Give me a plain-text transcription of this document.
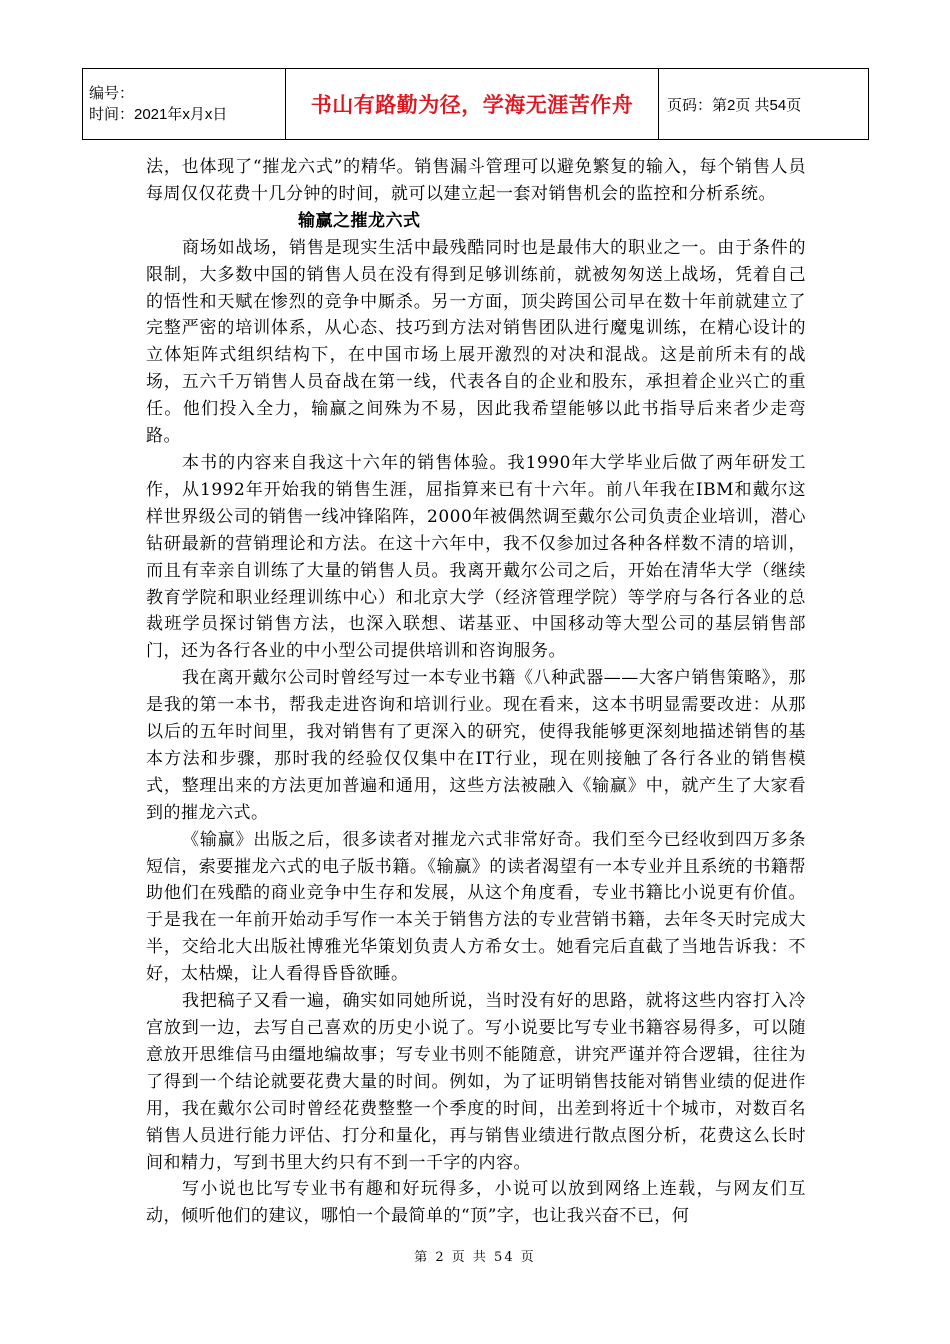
编号：
时间：2021年x月x日	书山有路勤为径，学海无涯苦作舟	页码：第2页 共54页

法，也体现了“摧龙六式”的精华。销售漏斗管理可以避免繁复的输入，每个销售人员每周仅仅花费十几分钟的时间，就可以建立起一套对销售机会的监控和分析系统。

输赢之摧龙六式

商场如战场，销售是现实生活中最残酷同时也是最伟大的职业之一。由于条件的限制，大多数中国的销售人员在没有得到足够训练前，就被匆匆送上战场，凭着自己的悟性和天赋在惨烈的竞争中厮杀。另一方面，顶尖跨国公司早在数十年前就建立了完整严密的培训体系，从心态、技巧到方法对销售团队进行魔鬼训练，在精心设计的立体矩阵式组织结构下，在中国市场上展开激烈的对决和混战。这是前所未有的战场，五六千万销售人员奋战在第一线，代表各自的企业和股东，承担着企业兴亡的重任。他们投入全力，输赢之间殊为不易，因此我希望能够以此书指导后来者少走弯路。

本书的内容来自我这十六年的销售体验。我1990年大学毕业后做了两年研发工作，从1992年开始我的销售生涯，屈指算来已有十六年。前八年我在IBM和戴尔这样世界级公司的销售一线冲锋陷阵，2000年被偶然调至戴尔公司负责企业培训，潜心钻研最新的营销理论和方法。在这十六年中，我不仅参加过各种各样数不清的培训，而且有幸亲自训练了大量的销售人员。我离开戴尔公司之后，开始在清华大学（继续教育学院和职业经理训练中心）和北京大学（经济管理学院）等学府与各行各业的总裁班学员探讨销售方法，也深入联想、诺基亚、中国移动等大型公司的基层销售部门，还为各行各业的中小型公司提供培训和咨询服务。

我在离开戴尔公司时曾经写过一本专业书籍《八种武器——大客户销售策略》，那是我的第一本书，帮我走进咨询和培训行业。现在看来，这本书明显需要改进：从那以后的五年时间里，我对销售有了更深入的研究，使得我能够更深刻地描述销售的基本方法和步骤，那时我的经验仅仅集中在IT行业，现在则接触了各行各业的销售模式，整理出来的方法更加普遍和通用，这些方法被融入《输赢》中，就产生了大家看到的摧龙六式。

《输赢》出版之后，很多读者对摧龙六式非常好奇。我们至今已经收到四万多条短信，索要摧龙六式的电子版书籍。《输赢》的读者渴望有一本专业并且系统的书籍帮助他们在残酷的商业竞争中生存和发展，从这个角度看，专业书籍比小说更有价值。于是我在一年前开始动手写作一本关于销售方法的专业营销书籍，去年冬天时完成大半，交给北大出版社博雅光华策划负责人方希女士。她看完后直截了当地告诉我：不好，太枯燥，让人看得昏昏欲睡。

我把稿子又看一遍，确实如同她所说，当时没有好的思路，就将这些内容打入冷宫放到一边，去写自己喜欢的历史小说了。写小说要比写专业书籍容易得多，可以随意放开思维信马由缰地编故事；写专业书则不能随意，讲究严谨并符合逻辑，往往为了得到一个结论就要花费大量的时间。例如，为了证明销售技能对销售业绩的促进作用，我在戴尔公司时曾经花费整整一个季度的时间，出差到将近十个城市，对数百名销售人员进行能力评估、打分和量化，再与销售业绩进行散点图分析，花费这么长时间和精力，写到书里大约只有不到一千字的内容。

写小说也比写专业书有趣和好玩得多，小说可以放到网络上连载，与网友们互动，倾听他们的建议，哪怕一个最简单的“顶”字，也让我兴奋不已，何

第 2 页 共 54 页
